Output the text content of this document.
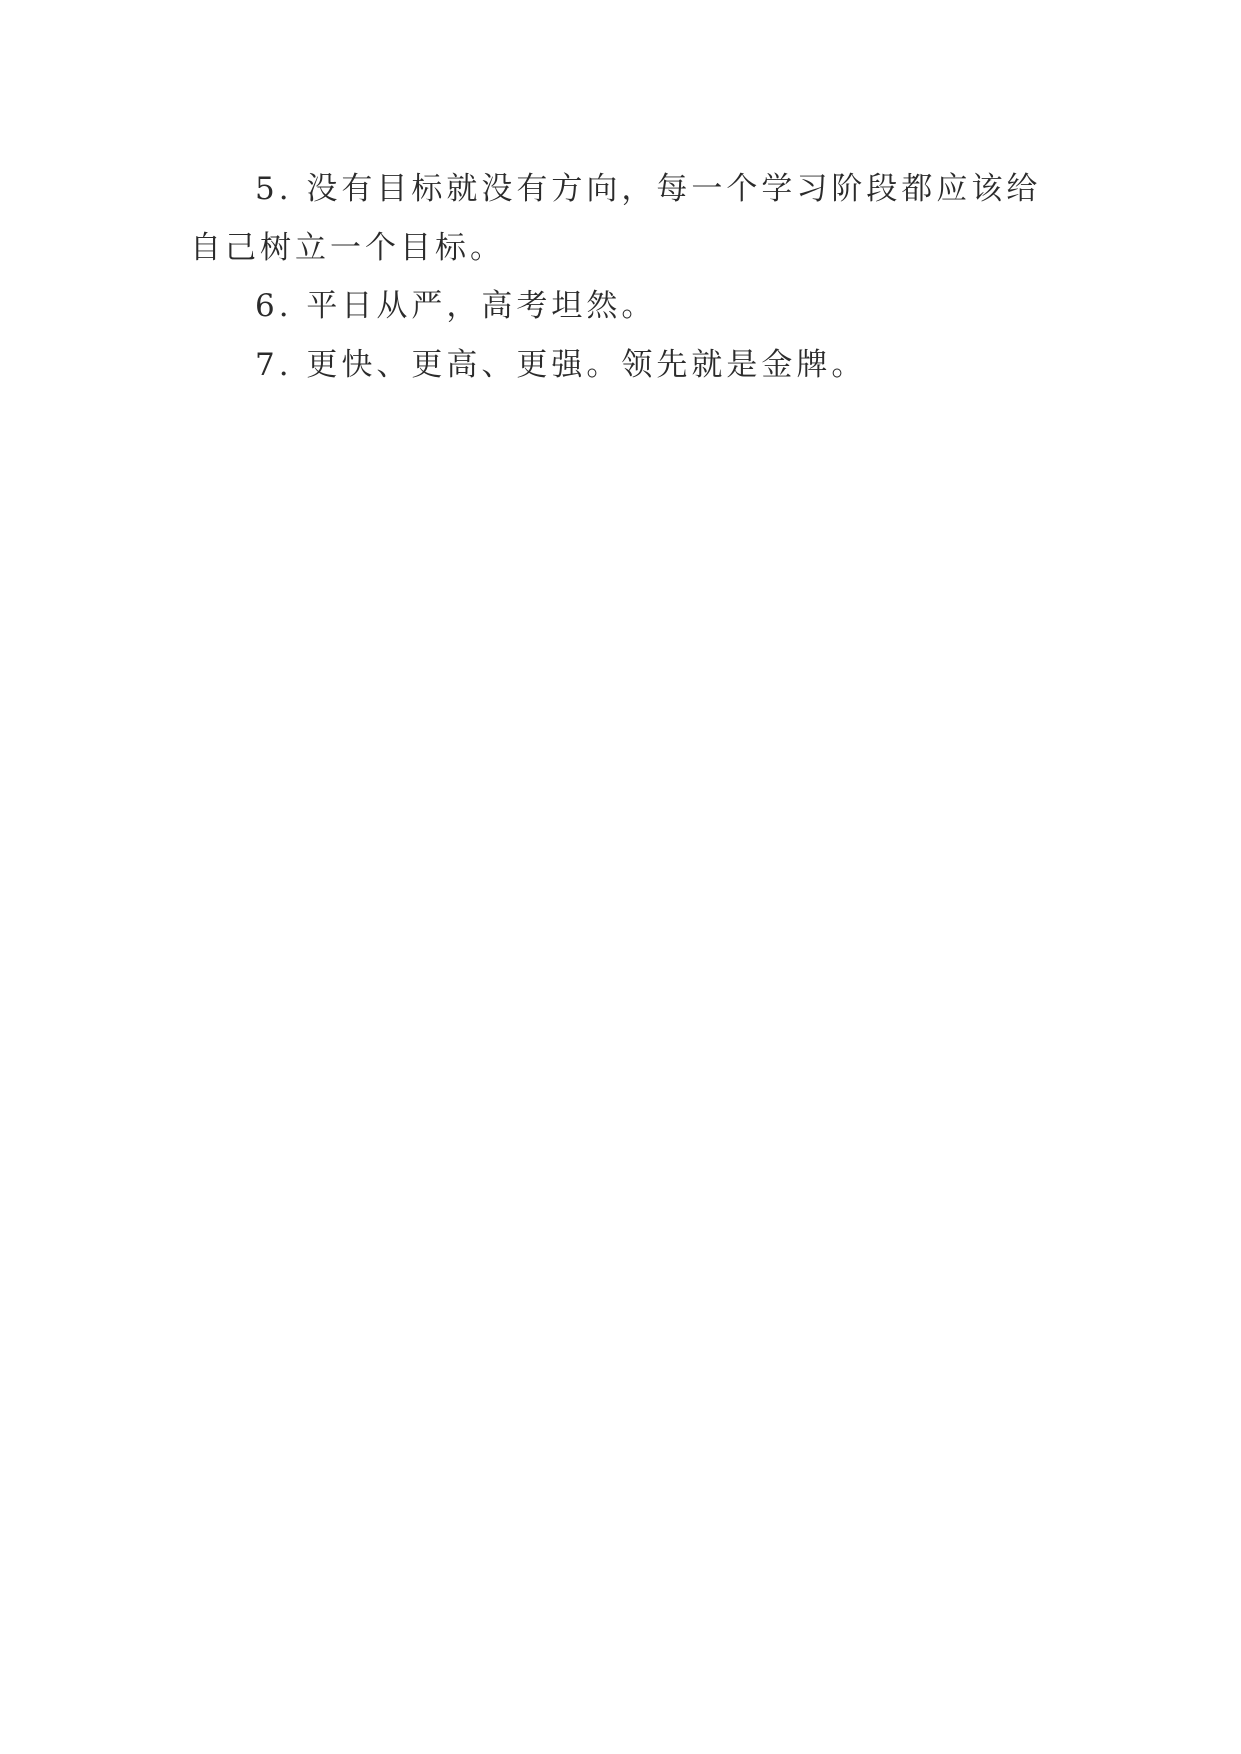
5. 没有目标就没有方向，每一个学习阶段都应该给自己树立一个目标。

6. 平日从严，高考坦然。

7. 更快、更高、更强。领先就是金牌。
